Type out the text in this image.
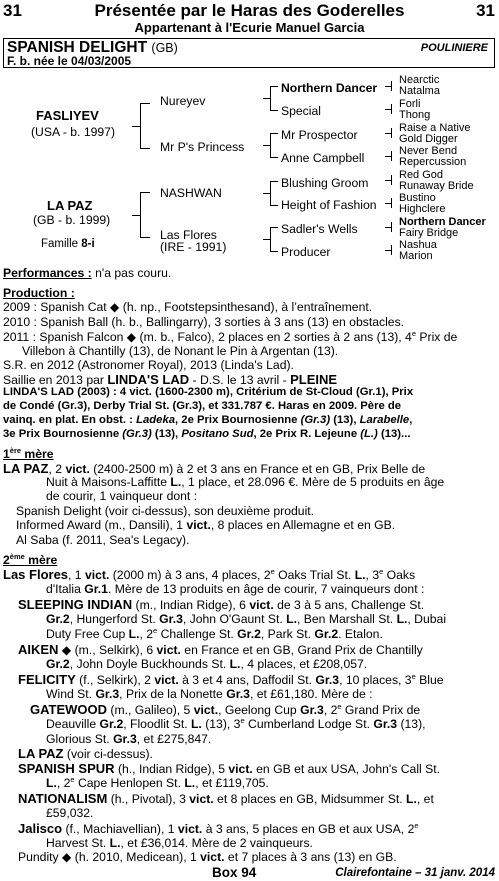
31	Présentée par le Haras des Goderelles	31
Appartenant à l'Ecurie Manuel Garcia
SPANISH DELIGHT (GB)	POULINIERE
F. b. née le 04/03/2005
FASLIYEV
(USA - b. 1997)
LA PAZ
(GB - b. 1999)
Famille 8-i
Nureyev
Mr P's Princess
NASHWAN
Las Flores
(IRE - 1991)
Northern Dancer
Special
Mr Prospector
Anne Campbell
Blushing Groom
Height of Fashion
Sadler's Wells
Producer
Nearctic
Natalma
Forli
Thong
Raise a Native
Gold Digger
Never Bend
Repercussion
Red God
Runaway Bride
Bustino
Highclere
Northern Dancer
Fairy Bridge
Nashua
Marion
Performances : n'a pas couru.
Production :
2009 : Spanish Cat ◆ (h. np., Footstepsinthesand), à l’entraînement.
2010 : Spanish Ball (h. b., Ballingarry), 3 sorties à 3 ans (13) en obstacles.
2011 : Spanish Falcon ◆ (m. b., Falco), 2 places en 2 sorties à 2 ans (13), 4e Prix de
Villebon à Chantilly (13), de Nonant le Pin à Argentan (13).
S.R. en 2012 (Astronomer Royal), 2013 (Linda's Lad).
Saillie en 2013 par LINDA'S LAD - D.S. le 13 avril - PLEINE
LINDA'S LAD (2003) : 4 vict. (1600-2300 m), Critérium de St-Cloud (Gr.1), Prix
de Condé (Gr.3), Derby Trial St. (Gr.3), et 331.787 €. Haras en 2009. Père de
vainq. en plat. En obst. : Ladeka, 2e Prix Bournosienne (Gr.3) (13), Larabelle,
3e Prix Bournosienne (Gr.3) (13), Positano Sud, 2e Prix R. Lejeune (L.) (13)...
1ère mère
LA PAZ, 2 vict. (2400-2500 m) à 2 et 3 ans en France et en GB, Prix Belle de
Nuit à Maisons-Laffitte L., 1 place, et 28.096 €. Mère de 5 produits en âge
de courir, 1 vainqueur dont :
Spanish Delight (voir ci-dessus), son deuxième produit.
Informed Award (m., Dansili), 1 vict., 8 places en Allemagne et en GB.
Al Saba (f. 2011, Sea's Legacy).
2ème mère
Las Flores, 1 vict. (2000 m) à 3 ans, 4 places, 2e Oaks Trial St. L., 3e Oaks
d'Italia Gr.1. Mère de 13 produits en âge de courir, 7 vainqueurs dont :
SLEEPING INDIAN (m., Indian Ridge), 6 vict. de 3 à 5 ans, Challenge St.
Gr.2, Hungerford St. Gr.3, John O'Gaunt St. L., Ben Marshall St. L., Dubai
Duty Free Cup L., 2e Challenge St. Gr.2, Park St. Gr.2. Etalon.
AIKEN ◆ (m., Selkirk), 6 vict. en France et en GB, Grand Prix de Chantilly
Gr.2, John Doyle Buckhounds St. L., 4 places, et £208,057.
FELICITY (f., Selkirk), 2 vict. à 3 et 4 ans, Daffodil St. Gr.3, 10 places, 3e Blue
Wind St. Gr.3, Prix de la Nonette Gr.3, et £61,180. Mère de :
GATEWOOD (m., Galileo), 5 vict., Geelong Cup Gr.3, 2e Grand Prix de
Deauville Gr.2, Floodlit St. L. (13), 3e Cumberland Lodge St. Gr.3 (13),
Glorious St. Gr.3, et £275,847.
LA PAZ (voir ci-dessus).
SPANISH SPUR (h., Indian Ridge), 5 vict. en GB et aux USA, John's Call St.
L., 2e Cape Henlopen St. L., et £119,705.
NATIONALISM (h., Pivotal), 3 vict. et 8 places en GB, Midsummer St. L., et
£59,032.
Jalisco (f., Machiavellian), 1 vict. à 3 ans, 5 places en GB et aux USA, 2e
Harvest St. L., et £36,014. Mère de 2 vainqueurs.
Pundity ◆ (h. 2010, Medicean), 1 vict. et 7 places à 3 ans (13) en GB.
Box 94	Clairefontaine – 31 janv. 2014
